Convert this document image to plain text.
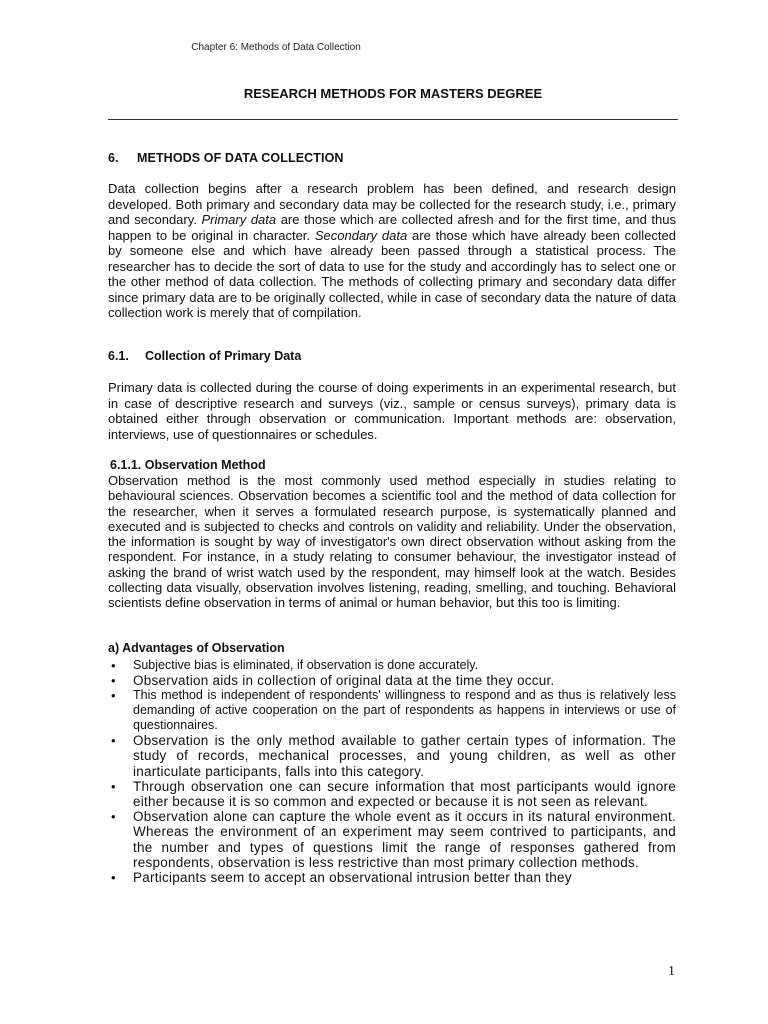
Chapter 6: Methods of Data Collection
RESEARCH METHODS FOR MASTERS DEGREE
6. METHODS OF DATA COLLECTION

Data collection begins after a research problem has been defined, and research design developed. Both primary and secondary data may be collected for the research study, i.e., primary and secondary. Primary data are those which are collected afresh and for the first time, and thus happen to be original in character. Secondary data are those which have already been collected by someone else and which have already been passed through a statistical process. The researcher has to decide the sort of data to use for the study and accordingly has to select one or the other method of data collection. The methods of collecting primary and secondary data differ since primary data are to be originally collected, while in case of secondary data the nature of data collection work is merely that of compilation.

6.1. Collection of Primary Data

Primary data is collected during the course of doing experiments in an experimental research, but in case of descriptive research and surveys (viz., sample or census surveys), primary data is obtained either through observation or communication. Important methods are: observation, interviews, use of questionnaires or schedules.

6.1.1. Observation Method

Observation method is the most commonly used method especially in studies relating to behavioural sciences. Observation becomes a scientific tool and the method of data collection for the researcher, when it serves a formulated research purpose, is systematically planned and executed and is subjected to checks and controls on validity and reliability. Under the observation, the information is sought by way of investigator's own direct observation without asking from the respondent. For instance, in a study relating to consumer behaviour, the investigator instead of asking the brand of wrist watch used by the respondent, may himself look at the watch. Besides collecting data visually, observation involves listening, reading, smelling, and touching. Behavioral scientists define observation in terms of animal or human behavior, but this too is limiting.

a) Advantages of Observation
• Subjective bias is eliminated, if observation is done accurately.
• Observation aids in collection of original data at the time they occur.
• This method is independent of respondents' willingness to respond and as thus is relatively less demanding of active cooperation on the part of respondents as happens in interviews or use of questionnaires.
• Observation is the only method available to gather certain types of information. The study of records, mechanical processes, and young children, as well as other inarticulate participants, falls into this category.
• Through observation one can secure information that most participants would ignore either because it is so common and expected or because it is not seen as relevant.
• Observation alone can capture the whole event as it occurs in its natural environment. Whereas the environment of an experiment may seem contrived to participants, and the number and types of questions limit the range of responses gathered from respondents, observation is less restrictive than most primary collection methods.
• Participants seem to accept an observational intrusion better than they
1
